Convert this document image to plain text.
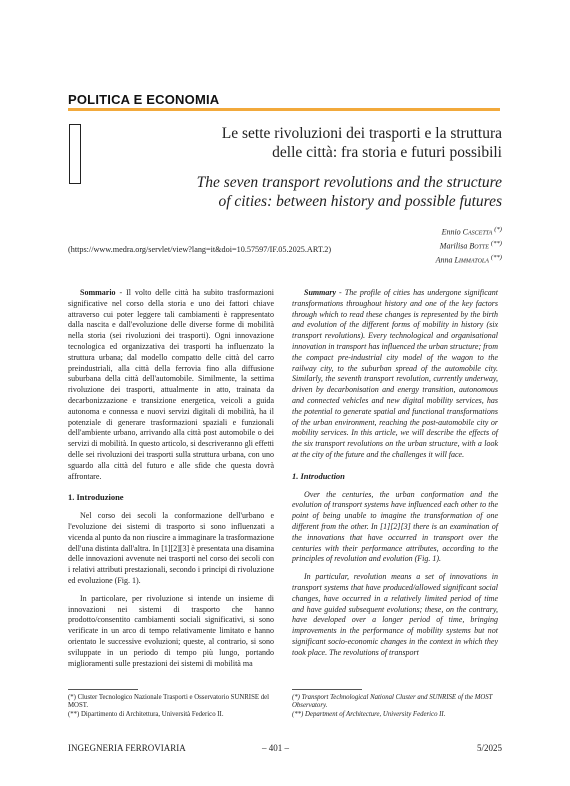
POLITICA E ECONOMIA
Le sette rivoluzioni dei trasporti e la struttura
delle città: fra storia e futuri possibili
The seven transport revolutions and the structure
of cities: between history and possible futures
Ennio Cascetta (*)
Marilisa Botte (**)
Anna Limmatola (**)
(https://www.medra.org/servlet/view?lang=it&doi=10.57597/IF.05.2025.ART.2)

Sommario - Il volto delle città ha subito trasformazioni significative nel corso della storia e uno dei fattori chiave attraverso cui poter leggere tali cambiamenti è rappresentato dalla nascita e dall'evoluzione delle diverse forme di mobilità nella storia (sei rivoluzioni dei trasporti). Ogni innovazione tecnologica ed organizzativa dei trasporti ha influenzato la struttura urbana; dal modello compatto delle città del carro preindustriali, alla città della ferrovia fino alla diffusione suburbana della città dell'automobile. Similmente, la settima rivoluzione dei trasporti, attualmente in atto, trainata da decarbonizzazione e transizione energetica, veicoli a guida autonoma e connessa e nuovi servizi digitali di mobilità, ha il potenziale di generare trasformazioni spaziali e funzionali dell'ambiente urbano, arrivando alla città post automobile o dei servizi di mobilità. In questo articolo, si descriveranno gli effetti delle sei rivoluzioni dei trasporti sulla struttura urbana, con uno sguardo alla città del futuro e alle sfide che questa dovrà affrontare.

1. Introduzione

Nel corso dei secoli la conformazione dell'urbano e l'evoluzione dei sistemi di trasporto si sono influenzati a vicenda al punto da non riuscire a immaginare la trasformazione dell'una distinta dall'altra. In [1][2][3] è presentata una disamina delle innovazioni avvenute nei trasporti nel corso dei secoli con i relativi attributi prestazionali, secondo i principi di rivoluzione ed evoluzione (Fig. 1).

In particolare, per rivoluzione si intende un insieme di innovazioni nei sistemi di trasporto che hanno prodotto/consentito cambiamenti sociali significativi, si sono verificate in un arco di tempo relativamente limitato e hanno orientato le successive evoluzioni; queste, al contrario, si sono sviluppate in un periodo di tempo più lungo, portando miglioramenti sulle prestazioni dei sistemi di mobilità ma

Summary - The profile of cities has undergone significant transformations throughout history and one of the key factors through which to read these changes is represented by the birth and evolution of the different forms of mobility in history (six transport revolutions). Every technological and organisational innovation in transport has influenced the urban structure; from the compact pre-industrial city model of the wagon to the railway city, to the suburban spread of the automobile city. Similarly, the seventh transport revolution, currently underway, driven by decarbonisation and energy transition, autonomous and connected vehicles and new digital mobility services, has the potential to generate spatial and functional transformations of the urban environment, reaching the post-automobile city or mobility services. In this article, we will describe the effects of the six transport revolutions on the urban structure, with a look at the city of the future and the challenges it will face.

1. Introduction

Over the centuries, the urban conformation and the evolution of transport systems have influenced each other to the point of being unable to imagine the transformation of one different from the other. In [1][2][3] there is an examination of the innovations that have occurred in transport over the centuries with their performance attributes, according to the principles of revolution and evolution (Fig. 1).

In particular, revolution means a set of innovations in transport systems that have produced/allowed significant social changes, have occurred in a relatively limited period of time and have guided subsequent evolutions; these, on the contrary, have developed over a longer period of time, bringing improvements in the performance of mobility systems but not significant socio-economic changes in the context in which they took place. The revolutions of transport

(*) Cluster Tecnologico Nazionale Trasporti e Osservatorio SUNRISE del MOST.
(**) Dipartimento di Architettura, Università Federico II.
(*) Transport Technological National Cluster and SUNRISE of the MOST Observatory.
(**) Department of Architecture, University Federico II.
INGEGNERIA FERROVIARIA	– 401 –	5/2025
